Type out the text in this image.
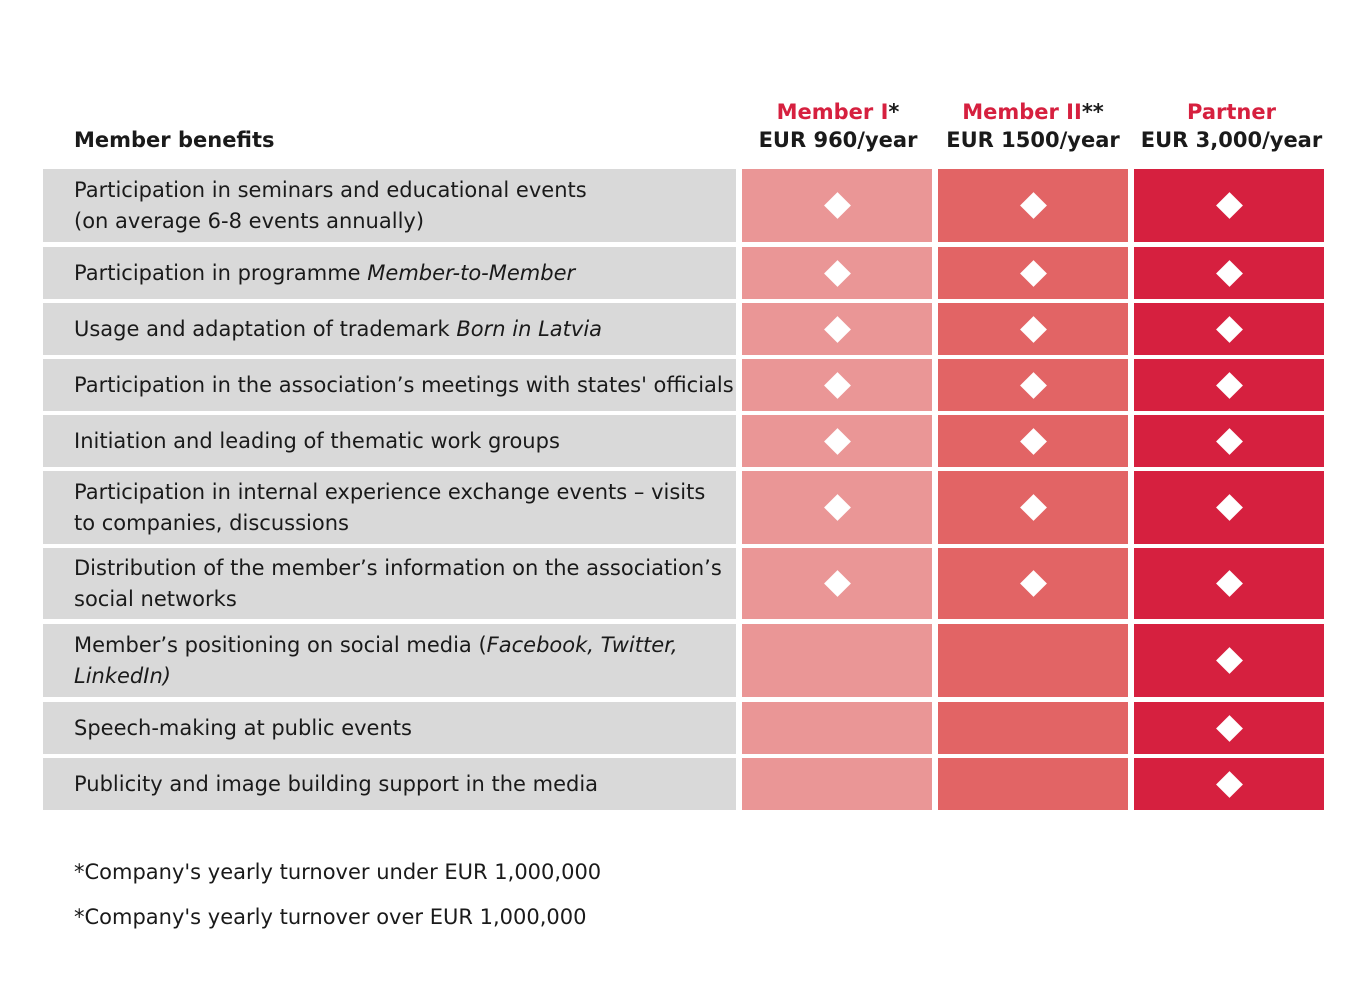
Member benefits
Member I*
EUR 960/year
Member II**
EUR 1500/year
Partner
EUR 3,000/year
Participation in seminars and educational events
(on average 6-8 events annually)
Participation in programme Member-to-Member
Usage and adaptation of trademark Born in Latvia
Participation in the association’s meetings with states' officials
Initiation and leading of thematic work groups
Participation in internal experience exchange events – visits
to companies, discussions
Distribution of the member’s information on the association’s
social networks
Member’s positioning on social media (Facebook, Twitter,
LinkedIn)
Speech-making at public events
Publicity and image building support in the media
*Company's yearly turnover under EUR 1,000,000
*Company's yearly turnover over EUR 1,000,000
